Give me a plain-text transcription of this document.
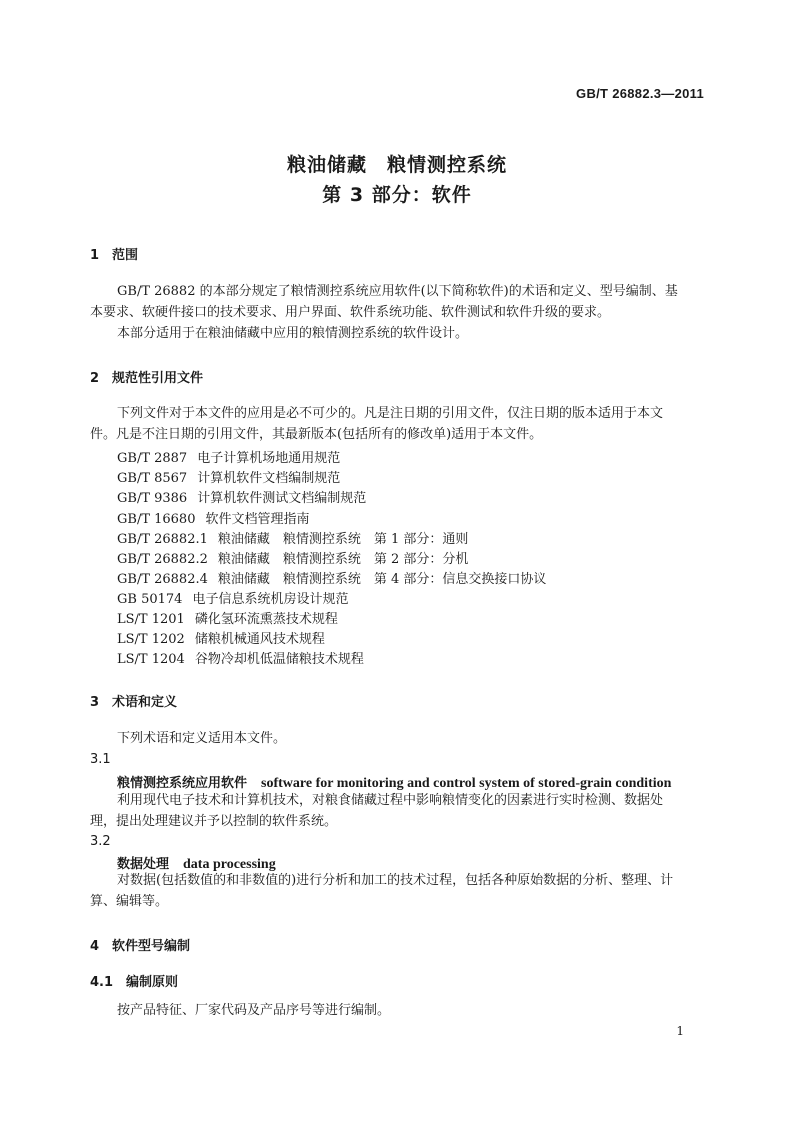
GB/T 26882.3—2011
粮油储藏　粮情测控系统
第 3 部分：软件
1 范围
GB/T 26882 的本部分规定了粮情测控系统应用软件(以下简称软件)的术语和定义、型号编制、基
本要求、软硬件接口的技术要求、用户界面、软件系统功能、软件测试和软件升级的要求。
本部分适用于在粮油储藏中应用的粮情测控系统的软件设计。
2 规范性引用文件
下列文件对于本文件的应用是必不可少的。凡是注日期的引用文件，仅注日期的版本适用于本文
件。凡是不注日期的引用文件，其最新版本(包括所有的修改单)适用于本文件。
GB/T 2887 电子计算机场地通用规范
GB/T 8567 计算机软件文档编制规范
GB/T 9386 计算机软件测试文档编制规范
GB/T 16680 软件文档管理指南
GB/T 26882.1 粮油储藏　粮情测控系统　第 1 部分：通则
GB/T 26882.2 粮油储藏　粮情测控系统　第 2 部分：分机
GB/T 26882.4 粮油储藏　粮情测控系统　第 4 部分：信息交换接口协议
GB 50174 电子信息系统机房设计规范
LS/T 1201 磷化氢环流熏蒸技术规程
LS/T 1202 储粮机械通风技术规程
LS/T 1204 谷物冷却机低温储粮技术规程
3 术语和定义
下列术语和定义适用本文件。
3.1
粮情测控系统应用软件 software for monitoring and control system of stored-grain condition
利用现代电子技术和计算机技术，对粮食储藏过程中影响粮情变化的因素进行实时检测、数据处
理，提出处理建议并予以控制的软件系统。
3.2
数据处理 data processing
对数据(包括数值的和非数值的)进行分析和加工的技术过程，包括各种原始数据的分析、整理、计
算、编辑等。
4 软件型号编制
4.1 编制原则
按产品特征、厂家代码及产品序号等进行编制。
1
